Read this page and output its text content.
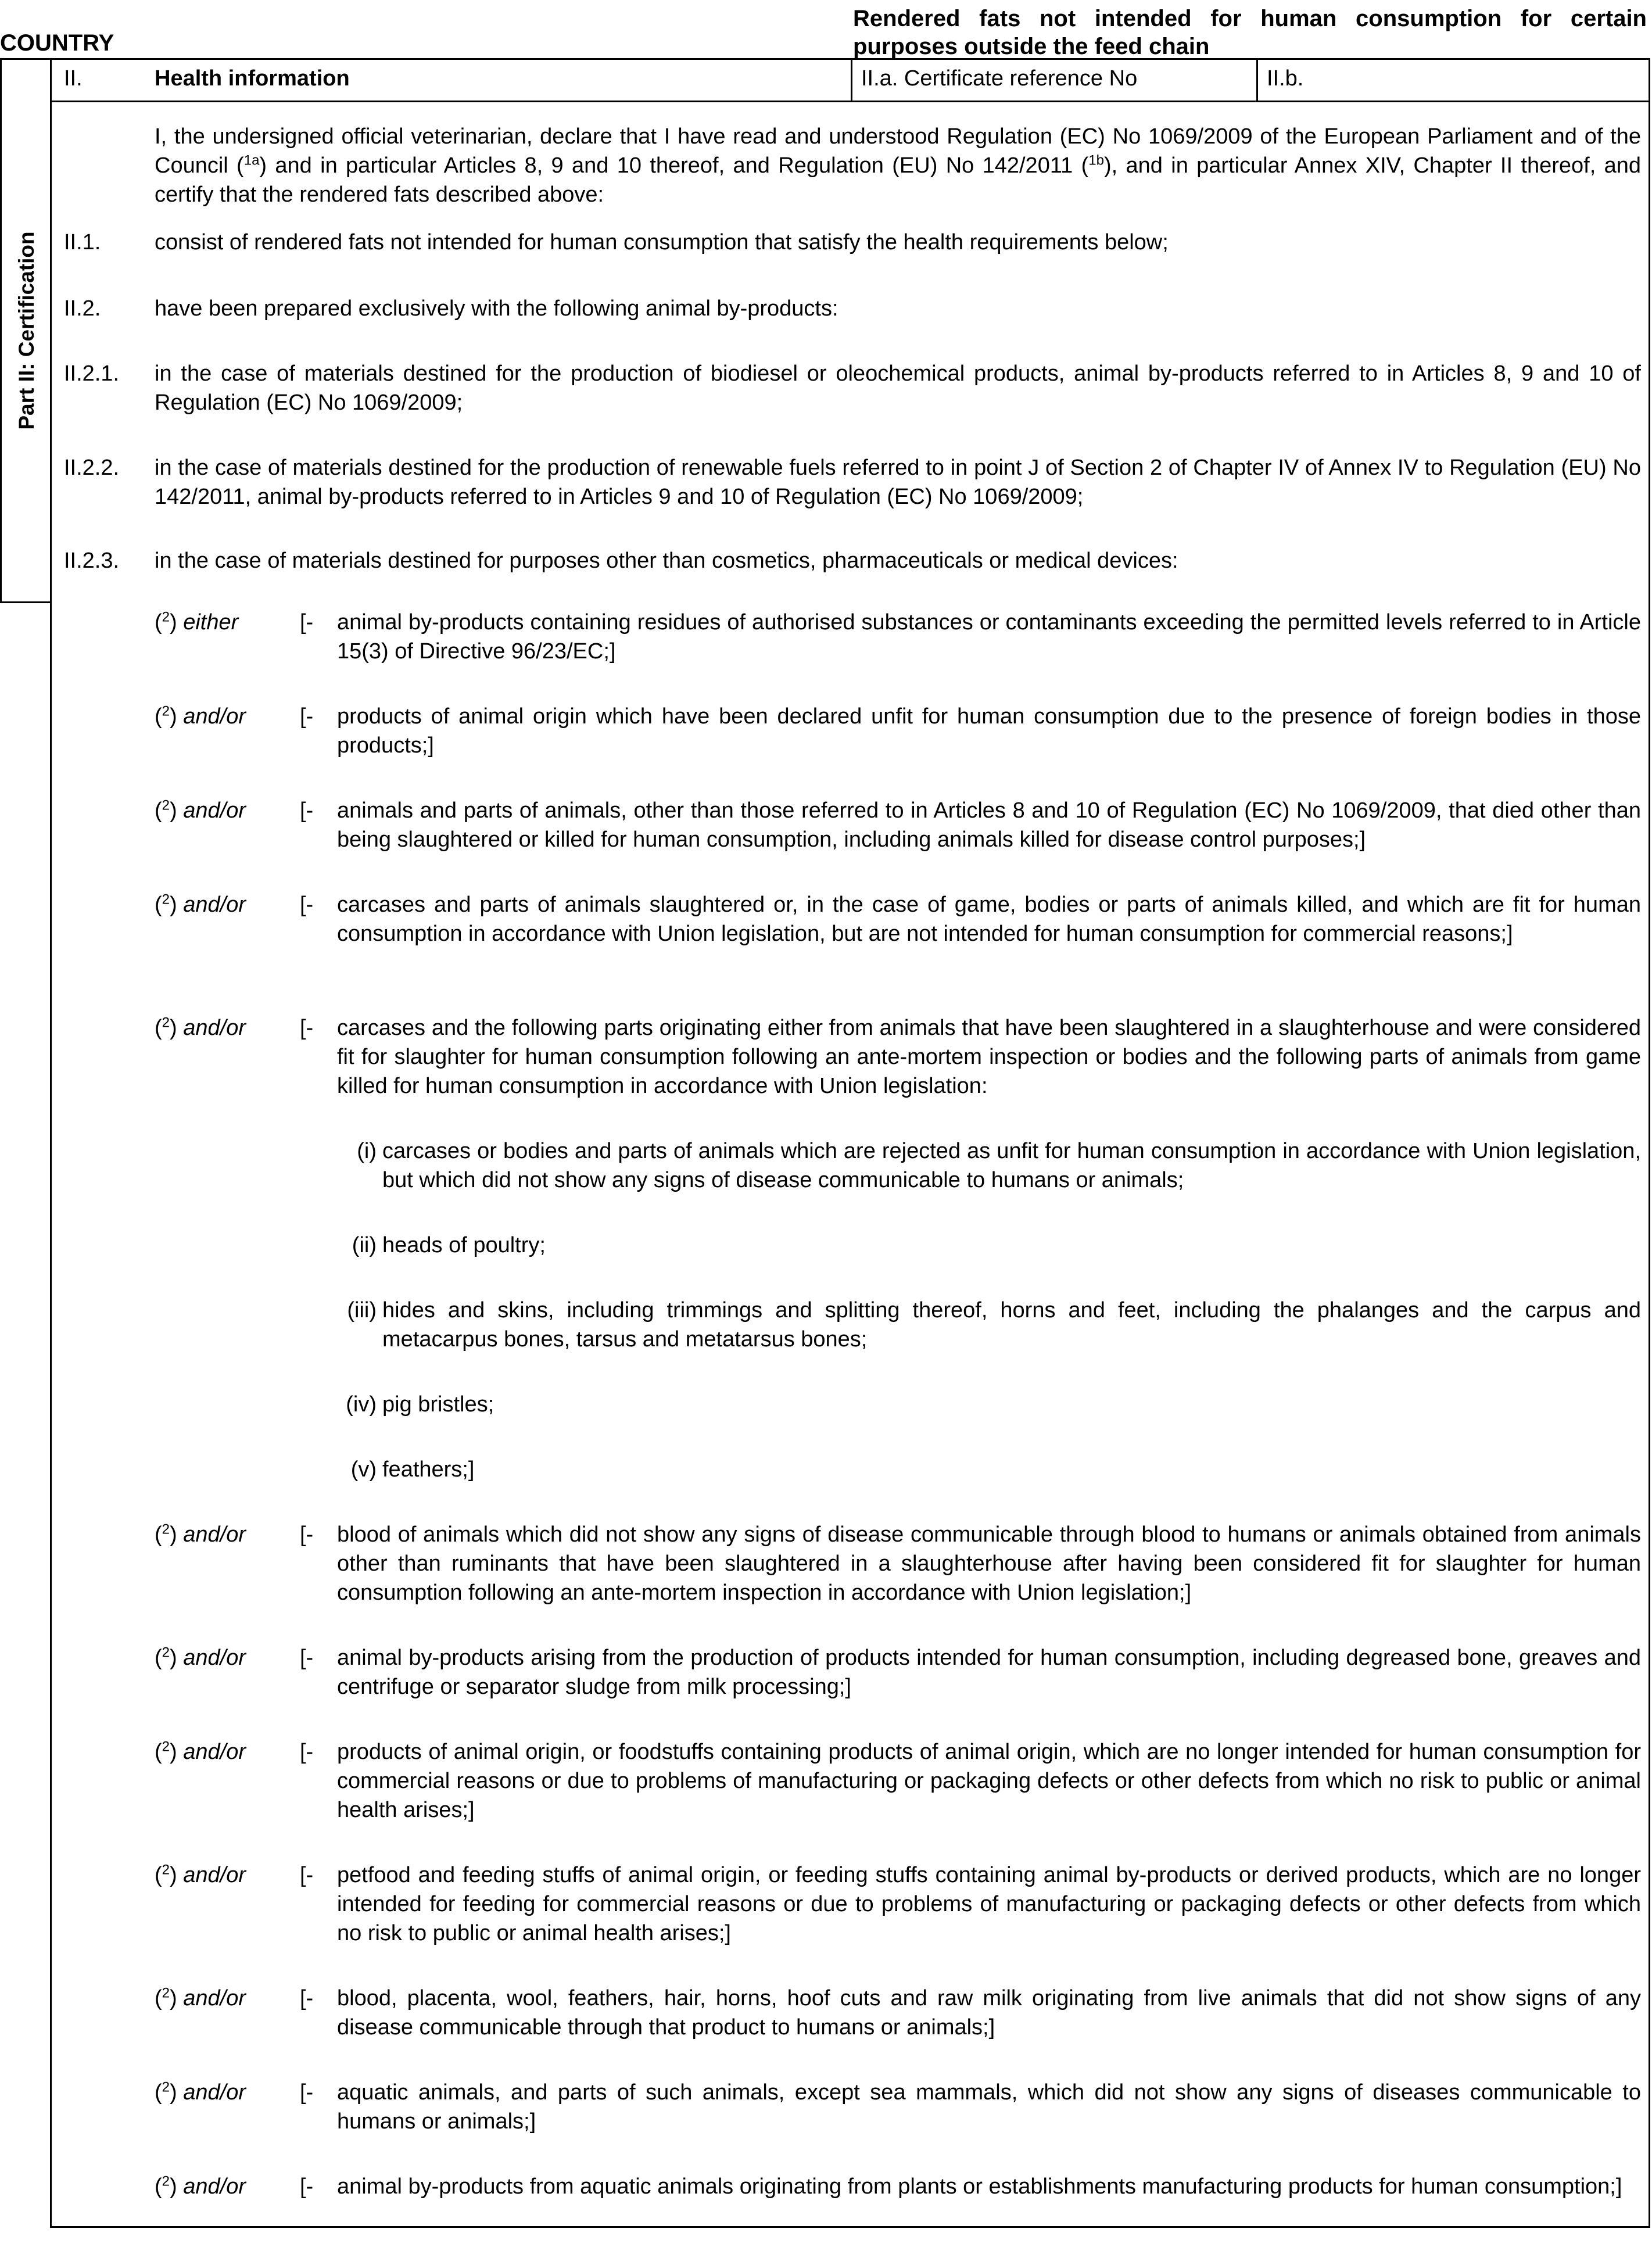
COUNTRY
Rendered fats not intended for human consumption for certain purposes outside the feed chain
Part II: Certification
II.	Health information	II.a. Certificate reference No	II.b.
I, the undersigned official veterinarian, declare that I have read and understood Regulation (EC) No 1069/2009 of the European Parliament and of the Council ($^{1a}$) and in particular Articles 8, 9 and 10 thereof, and Regulation (EU) No 142/2011 ($^{1b}$), and in particular Annex XIV, Chapter II thereof, and certify that the rendered fats described above:
II.1. consist of rendered fats not intended for human consumption that satisfy the health requirements below;
II.2. have been prepared exclusively with the following animal by-products:
II.2.1. in the case of materials destined for the production of biodiesel or oleochemical products, animal by-products referred to in Articles 8, 9 and 10 of Regulation (EC) No 1069/2009;
II.2.2. in the case of materials destined for the production of renewable fuels referred to in point J of Section 2 of Chapter IV of Annex IV to Regulation (EU) No 142/2011, animal by-products referred to in Articles 9 and 10 of Regulation (EC) No 1069/2009;
II.2.3. in the case of materials destined for purposes other than cosmetics, pharmaceuticals or medical devices:
($^2$) either	[- animal by-products containing residues of authorised substances or contaminants exceeding the permitted levels referred to in Article 15(3) of Directive 96/23/EC;]
($^2$) and/or	[- products of animal origin which have been declared unfit for human consumption due to the presence of foreign bodies in those products;]
($^2$) and/or	[- animals and parts of animals, other than those referred to in Articles 8 and 10 of Regulation (EC) No 1069/2009, that died other than being slaughtered or killed for human consumption, including animals killed for disease control purposes;]
($^2$) and/or	[- carcases and parts of animals slaughtered or, in the case of game, bodies or parts of animals killed, and which are fit for human consumption in accordance with Union legislation, but are not intended for human consumption for commercial reasons;]
($^2$) and/or	[- carcases and the following parts originating either from animals that have been slaughtered in a slaughterhouse and were considered fit for slaughter for human consumption following an ante-mortem inspection or bodies and the following parts of animals from game killed for human consumption in accordance with Union legislation:
(i) carcases or bodies and parts of animals which are rejected as unfit for human consumption in accordance with Union legislation, but which did not show any signs of disease communicable to humans or animals;
(ii) heads of poultry;
(iii) hides and skins, including trimmings and splitting thereof, horns and feet, including the phalanges and the carpus and metacarpus bones, tarsus and metatarsus bones;
(iv) pig bristles;
(v) feathers;]
($^2$) and/or	[- blood of animals which did not show any signs of disease communicable through blood to humans or animals obtained from animals other than ruminants that have been slaughtered in a slaughterhouse after having been considered fit for slaughter for human consumption following an ante-mortem inspection in accordance with Union legislation;]
($^2$) and/or	[- animal by-products arising from the production of products intended for human consumption, including degreased bone, greaves and centrifuge or separator sludge from milk processing;]
($^2$) and/or	[- products of animal origin, or foodstuffs containing products of animal origin, which are no longer intended for human consumption for commercial reasons or due to problems of manufacturing or packaging defects or other defects from which no risk to public or animal health arises;]
($^2$) and/or	[- petfood and feeding stuffs of animal origin, or feeding stuffs containing animal by-products or derived products, which are no longer intended for feeding for commercial reasons or due to problems of manufacturing or packaging defects or other defects from which no risk to public or animal health arises;]
($^2$) and/or	[- blood, placenta, wool, feathers, hair, horns, hoof cuts and raw milk originating from live animals that did not show signs of any disease communicable through that product to humans or animals;]
($^2$) and/or	[- aquatic animals, and parts of such animals, except sea mammals, which did not show any signs of diseases communicable to humans or animals;]
($^2$) and/or	[- animal by-products from aquatic animals originating from plants or establishments manufacturing products for human consumption;]
